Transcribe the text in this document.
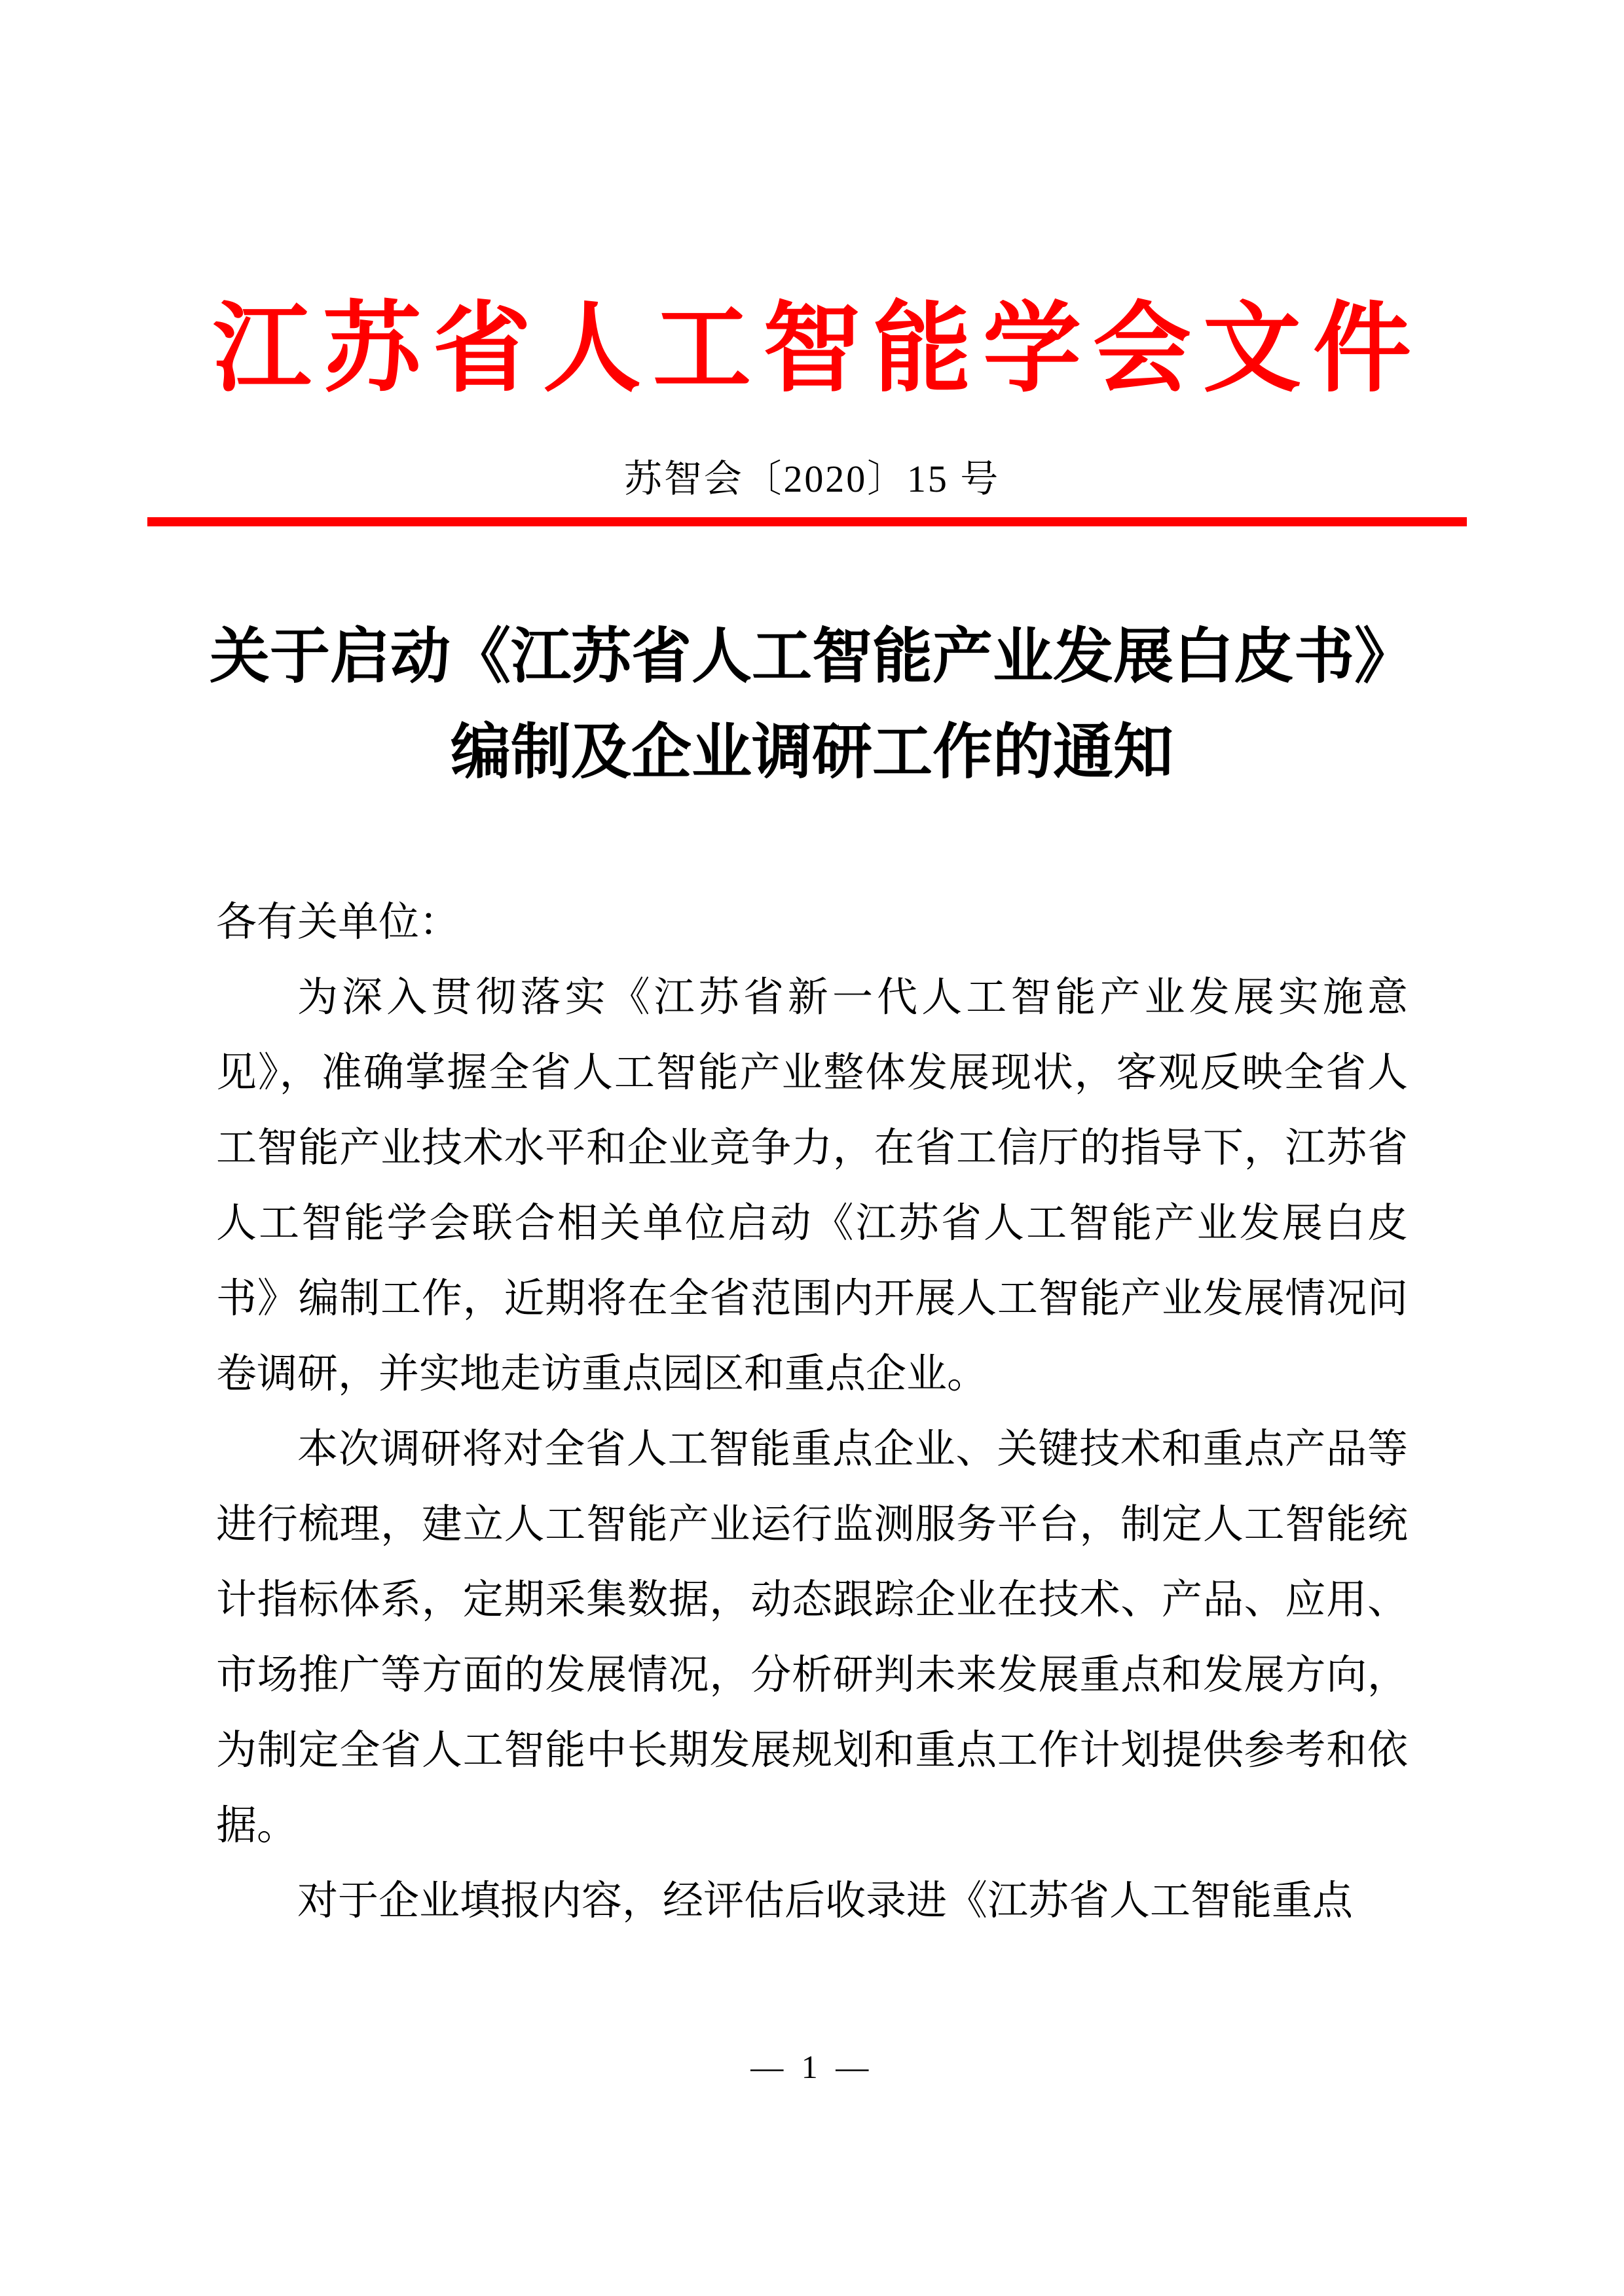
江苏省人工智能学会文件
苏智会〔2020〕15 号
关于启动《江苏省人工智能产业发展白皮书》
编制及企业调研工作的通知

各有关单位：

为深入贯彻落实《江苏省新一代人工智能产业发展实施意见》，准确掌握全省人工智能产业整体发展现状，客观反映全省人工智能产业技术水平和企业竞争力，在省工信厅的指导下，江苏省人工智能学会联合相关单位启动《江苏省人工智能产业发展白皮书》编制工作，近期将在全省范围内开展人工智能产业发展情况问卷调研，并实地走访重点园区和重点企业。

本次调研将对全省人工智能重点企业、关键技术和重点产品等进行梳理，建立人工智能产业运行监测服务平台，制定人工智能统计指标体系，定期采集数据，动态跟踪企业在技术、产品、应用、市场推广等方面的发展情况，分析研判未来发展重点和发展方向，为制定全省人工智能中长期发展规划和重点工作计划提供参考和依据。

对于企业填报内容，经评估后收录进《江苏省人工智能重点

— 1 —
